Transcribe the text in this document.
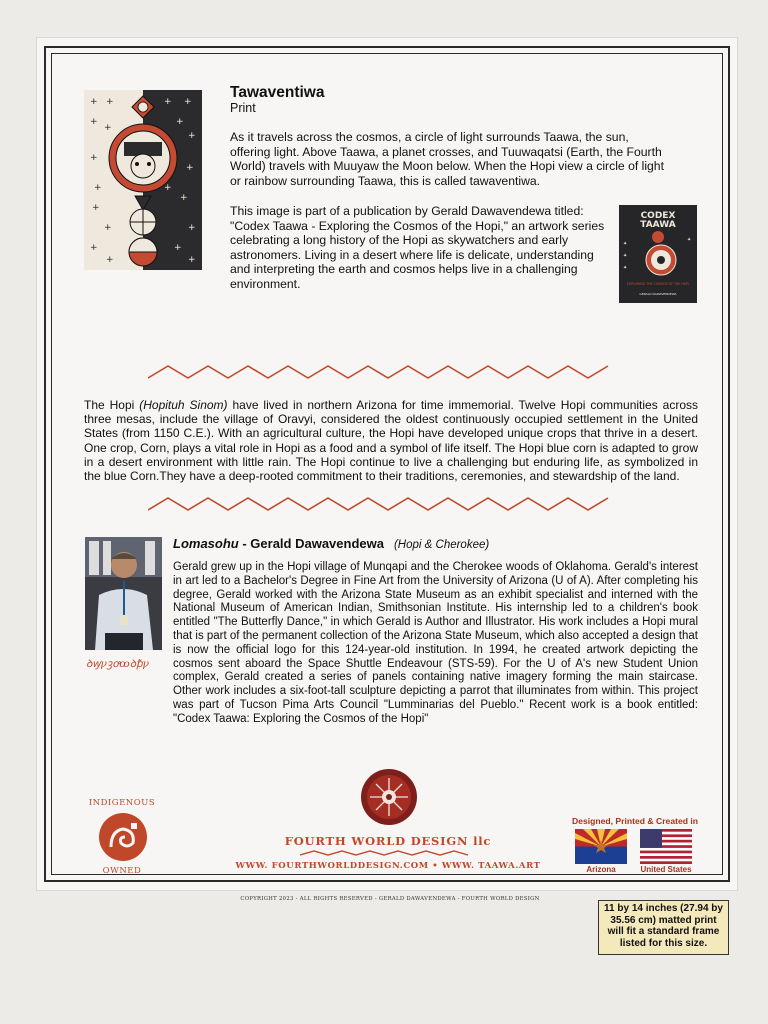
+ +
+
+
+
+
+
+
+
+
+ +
+
+
+
+
+
+
+
+
Tawaventiwa
Print
As it travels across the cosmos, a circle of light surrounds Taawa, the sun, offering light. Above Taawa, a planet crosses, and Tuuwaqatsi (Earth, the Fourth World) travels with Muuyaw the Moon below. When the Hopi view a circle of light or rainbow surrounding Taawa, this is called tawaventiwa.
This image is part of a publication by Gerald Dawavendewa titled: "Codex Taawa - Exploring the Cosmos of the Hopi," an artwork series celebrating a long history of the Hopi as skywatchers and early astronomers. Living in a desert where life is delicate, understanding and interpreting the earth and cosmos helps live in a challenging environment.
CODEX
TAAWA
EXPLORING THE COSMOS OF THE HOPI
GERALD DAWAVENDEWA
✦
✦
✦
✦
The Hopi (Hopituh Sinom) have lived in northern Arizona for time immemorial. Twelve Hopi communities across three mesas, include the village of Oravyi, considered the oldest continuously occupied settlement in the United States (from 1150 C.E.). With an agricultural culture, the Hopi have developed unique crops that thrive in a desert. One crop, Corn, plays a vital role in Hopi as a food and a symbol of life itself. The Hopi blue corn is adapted to grow in a desert environment with little rain. The Hopi continue to live a challenging but enduring life, as symbolized in the blue Corn.They have a deep-rooted commitment to their traditions, ceremonies, and stewardship of the land.
ꝺꝡꝩꝫꝍꝏꝺꝥꝩ
Lomasohu - Gerald Dawavendewa (Hopi & Cherokee)
Gerald grew up in the Hopi village of Munqapi and the Cherokee woods of Oklahoma. Gerald's interest in art led to a Bachelor's Degree in Fine Art from the University of Arizona (U of A). After completing his degree, Gerald worked with the Arizona State Museum as an exhibit specialist and interned with the National Museum of American Indian, Smithsonian Institute. His internship led to a children's book entitled "The Butterfly Dance," in which Gerald is Author and Illustrator. His work includes a Hopi mural that is part of the permanent collection of the Arizona State Museum, which also accepted a design that is now the official logo for this 124-year-old institution. In 1994, he created artwork depicting the cosmos sent aboard the Space Shuttle Endeavour (STS-59). For the U of A's new Student Union complex, Gerald created a series of panels containing native imagery forming the main staircase. Other work includes a six-foot-tall sculpture depicting a parrot that illuminates from within. This project was part of Tucson Pima Arts Council "Lumminarias del Pueblo." Recent work is a book entitled: "Codex Taawa: Exploring the Cosmos of the Hopi"
INDIGENOUS
OWNED
FOURTH WORLD DESIGN llc
WWW. FOURTHWORLDDESIGN.COM • WWW. TAAWA.ART
Designed, Printed & Created in
Arizona	United States
COPYRIGHT 2023 - ALL RIGHTS RESERVED - GERALD DAWAVENDEWA - FOURTH WORLD DESIGN
11 by 14 inches (27.94 by 35.56 cm) matted print will fit a standard frame listed for this size.
